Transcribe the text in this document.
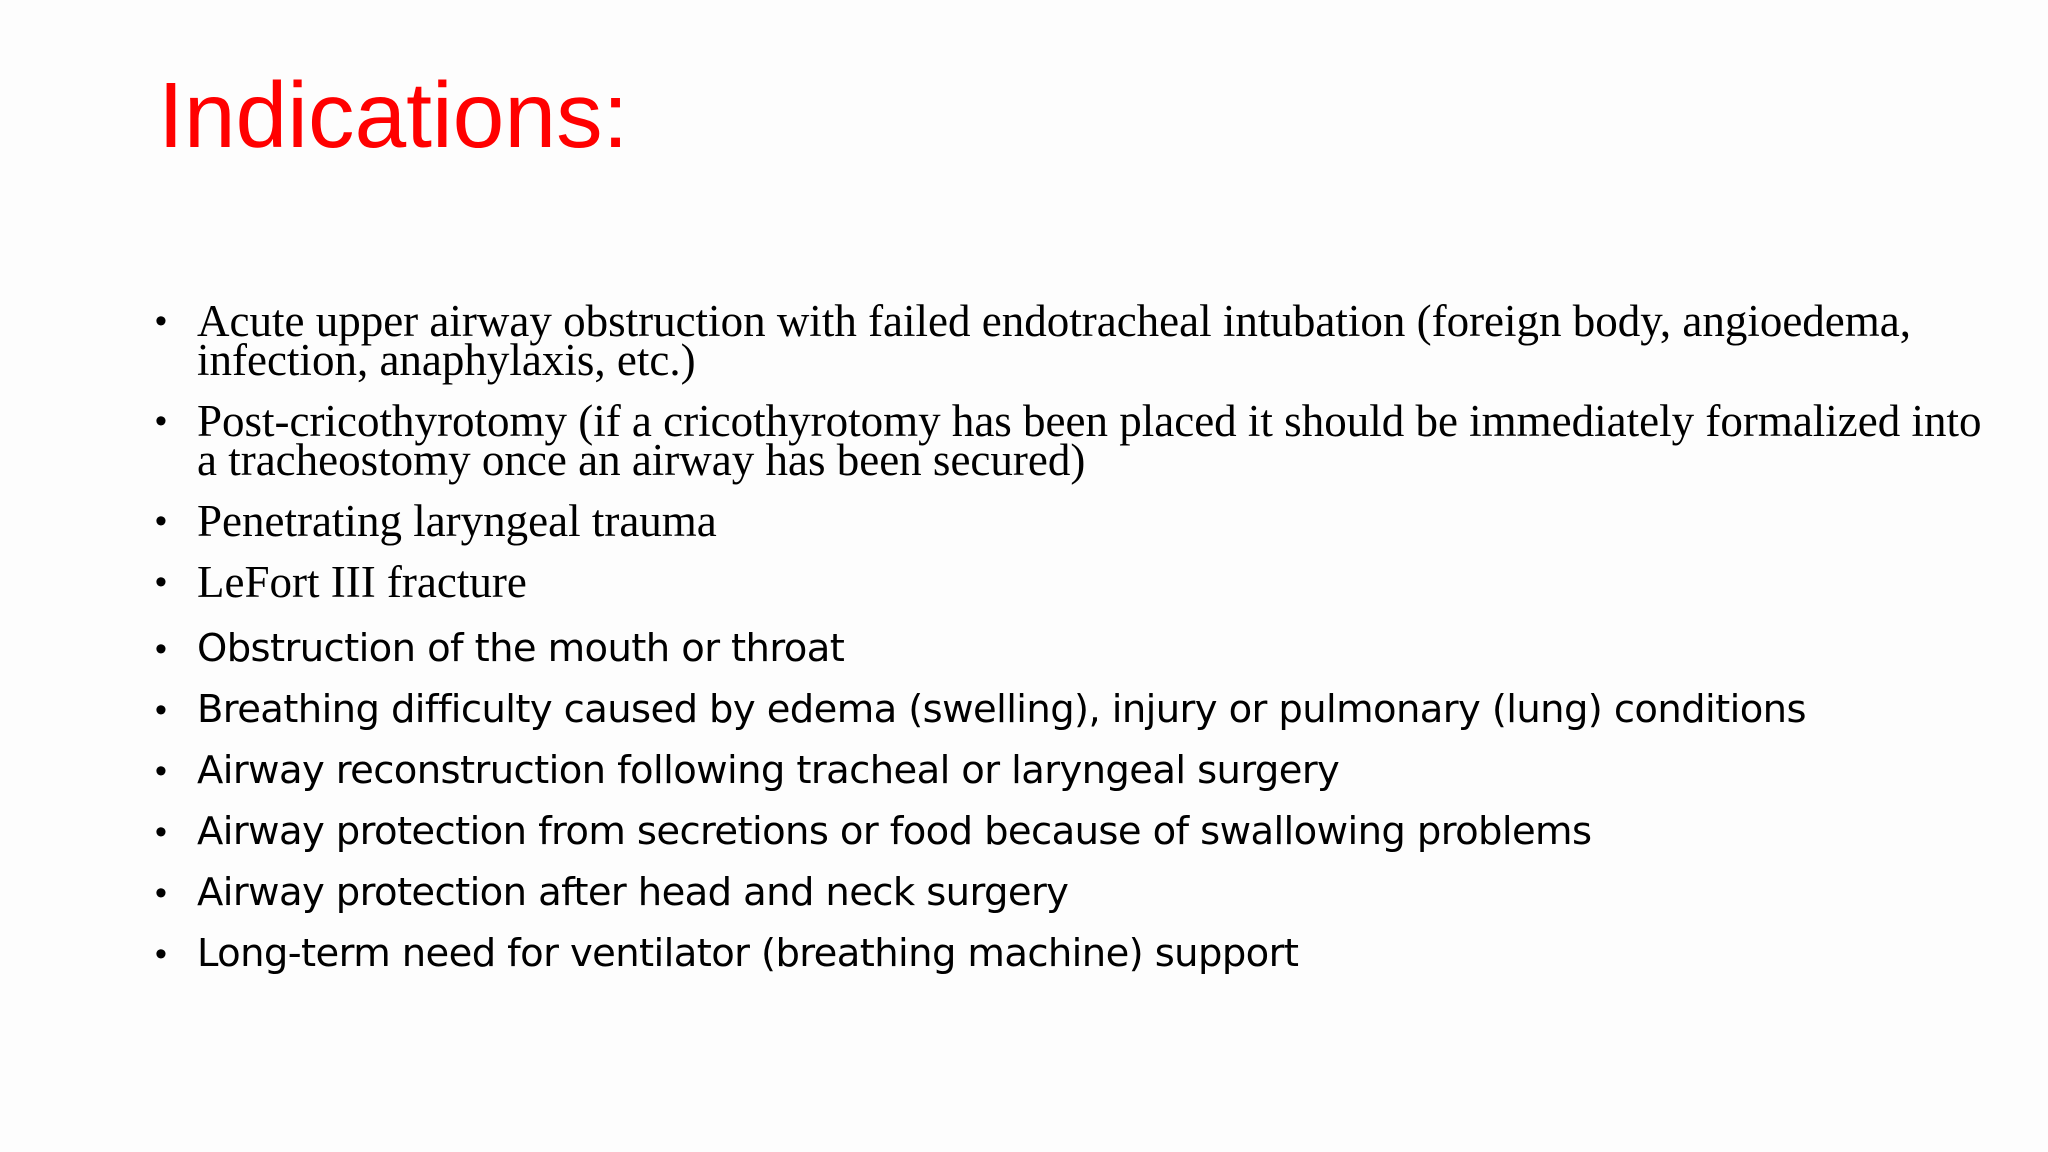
Indications:
• Acute upper airway obstruction with failed endotracheal intubation (foreign body, angioedema, infection, anaphylaxis, etc.)
• Post-cricothyrotomy (if a cricothyrotomy has been placed it should be immediately formalized into a tracheostomy once an airway has been secured)
• Penetrating laryngeal trauma
• LeFort III fracture
• Obstruction of the mouth or throat
• Breathing difficulty caused by edema (swelling), injury or pulmonary (lung) conditions
• Airway reconstruction following tracheal or laryngeal surgery
• Airway protection from secretions or food because of swallowing problems
• Airway protection after head and neck surgery
• Long-term need for ventilator (breathing machine) support
